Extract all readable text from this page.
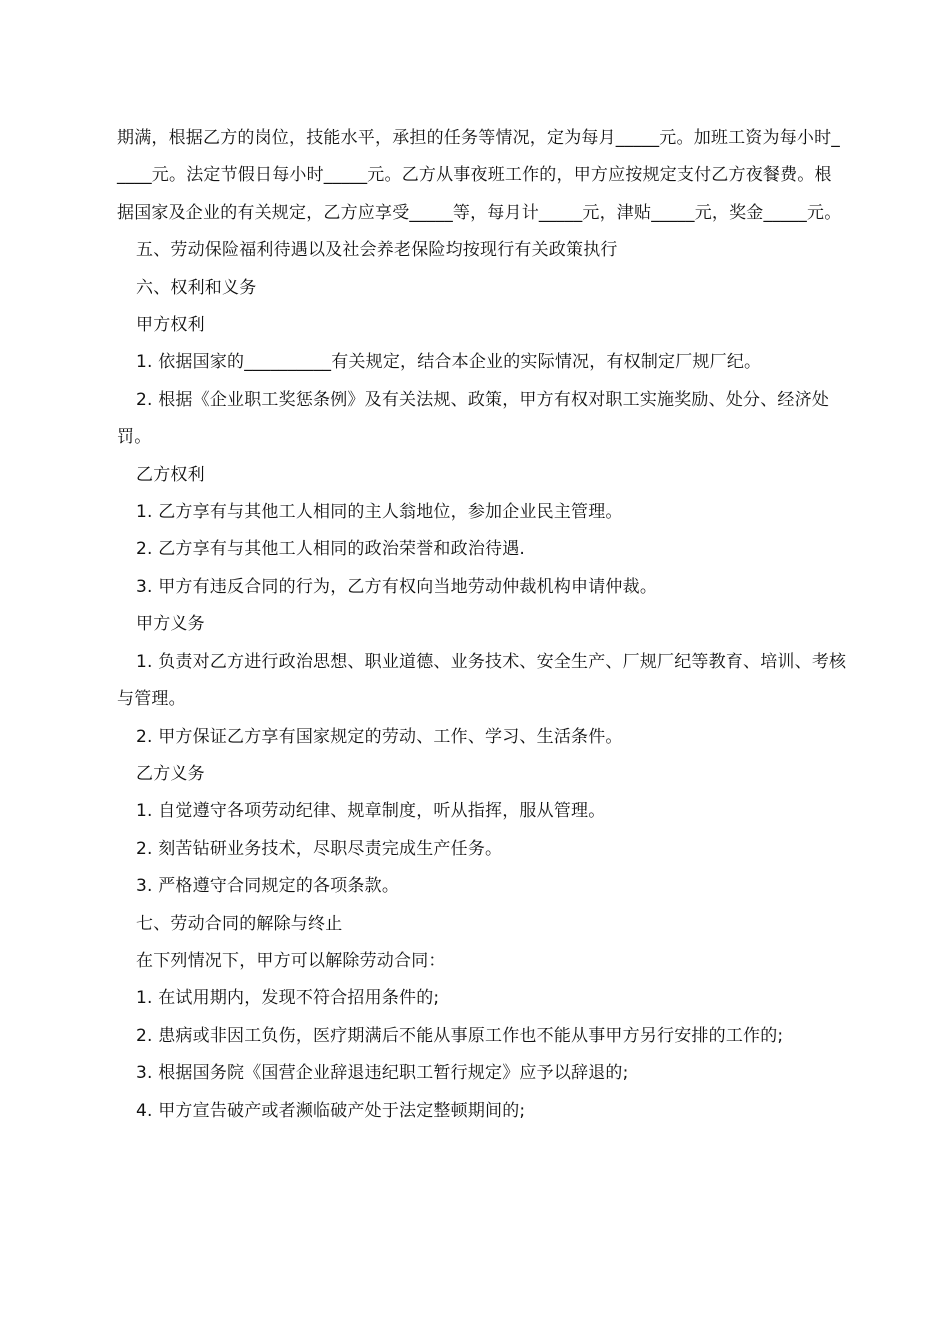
期满，根据乙方的岗位，技能水平，承担的任务等情况，定为每月_____元。加班工资为每小时_____元。法定节假日每小时_____元。乙方从事夜班工作的，甲方应按规定支付乙方夜餐费。根据国家及企业的有关规定，乙方应享受_____等，每月计_____元，津贴_____元，奖金_____元。

五、劳动保险福利待遇以及社会养老保险均按现行有关政策执行

六、权利和义务

甲方权利

1. 依据国家的__________有关规定，结合本企业的实际情况，有权制定厂规厂纪。

2. 根据《企业职工奖惩条例》及有关法规、政策，甲方有权对职工实施奖励、处分、经济处罚。

乙方权利

1. 乙方享有与其他工人相同的主人翁地位，参加企业民主管理。

2. 乙方享有与其他工人相同的政治荣誉和政治待遇.

3. 甲方有违反合同的行为，乙方有权向当地劳动仲裁机构申请仲裁。

甲方义务

1. 负责对乙方进行政治思想、职业道德、业务技术、安全生产、厂规厂纪等教育、培训、考核与管理。

2. 甲方保证乙方享有国家规定的劳动、工作、学习、生活条件。

乙方义务

1. 自觉遵守各项劳动纪律、规章制度，听从指挥，服从管理。

2. 刻苦钻研业务技术，尽职尽责完成生产任务。

3. 严格遵守合同规定的各项条款。

七、劳动合同的解除与终止

在下列情况下，甲方可以解除劳动合同：

1. 在试用期内，发现不符合招用条件的;

2. 患病或非因工负伤，医疗期满后不能从事原工作也不能从事甲方另行安排的工作的;

3. 根据国务院《国营企业辞退违纪职工暂行规定》应予以辞退的;

4. 甲方宣告破产或者濒临破产处于法定整顿期间的;
